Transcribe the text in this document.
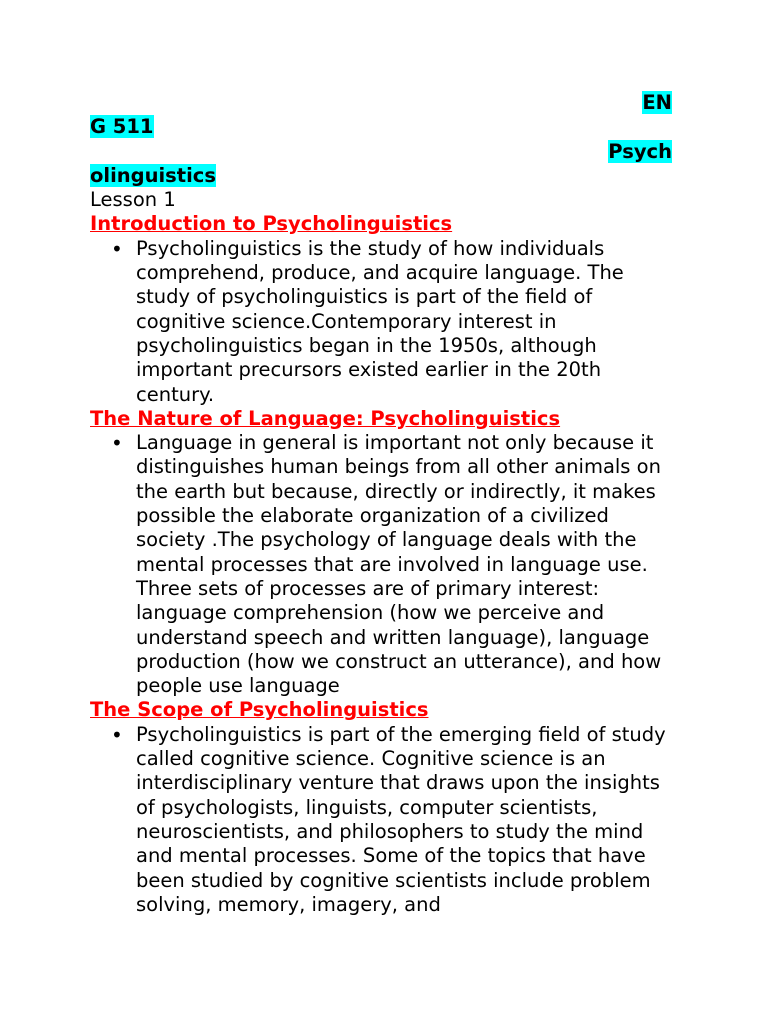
EN
G 511
Psych
olinguistics

Lesson 1

Introduction to Psycholinguistics

• Psycholinguistics is the study of how individuals comprehend, produce, and acquire language. The study of psycholinguistics is part of the field of cognitive science.Contemporary interest in psycholinguistics began in the 1950s, although important precursors existed earlier in the 20th century.

The Nature of Language: Psycholinguistics

• Language in general is important not only because it distinguishes human beings from all other animals on the earth but because, directly or indirectly, it makes possible the elaborate organization of a civilized society .The psychology of language deals with the mental processes that are involved in language use. Three sets of processes are of primary interest: language comprehension (how we perceive and understand speech and written language), language production (how we construct an utterance), and how people use language

The Scope of Psycholinguistics

• Psycholinguistics is part of the emerging field of study called cognitive science. Cognitive science is an interdisciplinary venture that draws upon the insights of psychologists, linguists, computer scientists, neuroscientists, and philosophers to study the mind and mental processes. Some of the topics that have been studied by cognitive scientists include problem solving, memory, imagery, and
